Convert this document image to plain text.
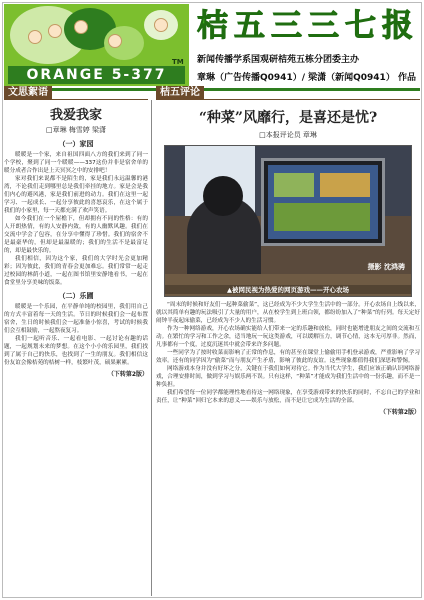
ORANGE 5-377
TM
桔五三三七报
新闻传播学系国观研桔苑五栋分团委主办
章琳（广告传播Q0941）/ 梁潇（新闻Q0941） 作品
文思絮语	桔五评论
我爱我家
□章琳 梅雪婷 梁潇
（一）家园

暖暖是一个家，来自祖国四面八方的我们来到了同一个学校，聚到了同一个暖暖——337这份并非是宿舍单的暖分成者合作出是上天冥冥之中的安排吧！

家对我们来说都不是陌生的，家是我们永远温馨的港湾，不论我们走到哪里总是我们牵挂的地方。家是会是我们内心的避风港，家是我们前进的动力。我们在这里一起学习、一起成长、一起分享彼此的喜怒哀乐，在这个属于我们的小家里，每一天都充满了欢声笑语。

如今我们在一个屋檐下，但却拥有不同的性格：有的人开朗热情，有的人安静内敛，有的人幽默风趣。我们在交流中学会了包容，在分享中懂得了珍惜。我们的宿舍不是最豪华的，但却是最温暖的；我们的生活不是最富足的，却是最快乐的。

我们相信，因为这个家，我们的大学时光会更加精彩；因为彼此，我们的青春会更加难忘。我们常常一起走过校园的林荫小道，一起在图书馆里安静地看书，一起在食堂里分享美味的饭菜。

（二）乐圃

暖暖是一个乐园，在平静单纯的校园里，我们用自己的方式丰富着每一天的生活。节日的时候我们会一起布置宿舍，生日的时候我们会一起准备小惊喜，考试的时候我们会互相鼓励，一起熬夜复习。

我们一起听音乐、一起看电影、一起讨论有趣的话题，一起规划未来的梦想。在这个小小的乐园里，我们找到了属于自己的快乐，也找到了一生的朋友。我们相信这份友谊会像桔苑的桔树一样，枝繁叶茂，硕果累累。

（下转第2版）
“种菜”风靡行，是喜还是忧?
□本报评论员 章琳
摄影 沈鸿骋
▲被网民视为热爱的网页游戏——开心农场

“周末的时候和好友们一起种菜偷菜”，这已经成为不少大学生生活中的一部分。开心农场自上线以来，就以其简单有趣的玩法吸引了大量的用户，从在校学生到上班白领，都纷纷加入了“种菜”的行列。每天定好闹钟半夜起床偷菜，已经成为不少人的生活习惯。

作为一种网络游戏，开心农场确实能给人们带来一定的乐趣和放松，同时也能增进朋友之间的交流和互动。在繁忙的学习和工作之余，适当地玩一玩这类游戏，可以缓解压力，调节心情，这本无可厚非。然而，凡事都有一个度，过度沉迷其中就会带来许多问题。

一些同学为了按时收菜而影响了正常的作息，有的甚至在课堂上偷偷用手机登录游戏，严重影响了学习效率。还有的同学因为“偷菜”而与朋友产生矛盾，影响了彼此的友谊。这些现象都值得我们深思和警惕。

网络游戏本身并没有好坏之分，关键在于我们如何对待它。作为当代大学生，我们应该正确认识网络游戏，合理安排时间，做到学习与娱乐两不误。只有这样，“种菜”才能成为我们生活中的一份乐趣，而不是一种负担。

我们希望每一位同学都能理性地看待这一网络现象，在享受游戏带来的快乐的同时，不忘自己的学业和责任，让“种菜”回归它本来的意义——娱乐与放松，而不是让它成为生活的全部。

（下转第2版）
